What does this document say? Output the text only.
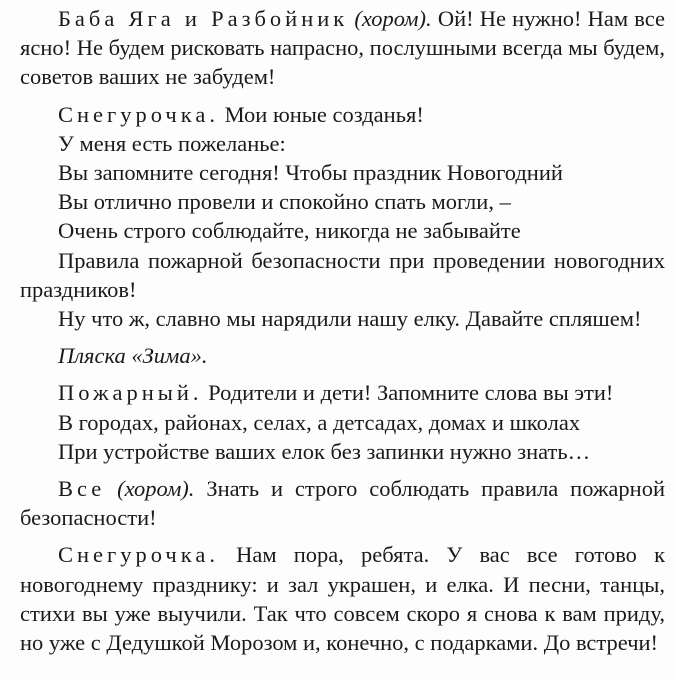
Баба Яга и Разбойник (хором). Ой! Не нужно! Нам все ясно! Не будем рисковать напрасно, послушными всегда мы будем, советов ваших не забудем!

Снегурочка. Мои юные созданья!

У меня есть пожеланье:

Вы запомните сегодня! Чтобы праздник Новогодний

Вы отлично провели и спокойно спать могли, –

Очень строго соблюдайте, никогда не забывайте

Правила пожарной безопасности при проведении новогодних праздников!

Ну что ж, славно мы нарядили нашу елку. Давайте спляшем!

Пляска «Зима».

Пожарный. Родители и дети! Запомните слова вы эти!

В городах, районах, селах, а детсадах, домах и школах

При устройстве ваших елок без запинки нужно знать…

Все (хором). Знать и строго соблюдать правила пожарной безопасности!

Снегурочка. Нам пора, ребята. У вас все готово к новогоднему празднику: и зал украшен, и елка. И песни, танцы, стихи вы уже выучили. Так что совсем скоро я снова к вам приду, но уже с Дедушкой Морозом и, конечно, с подарками. До встречи!
